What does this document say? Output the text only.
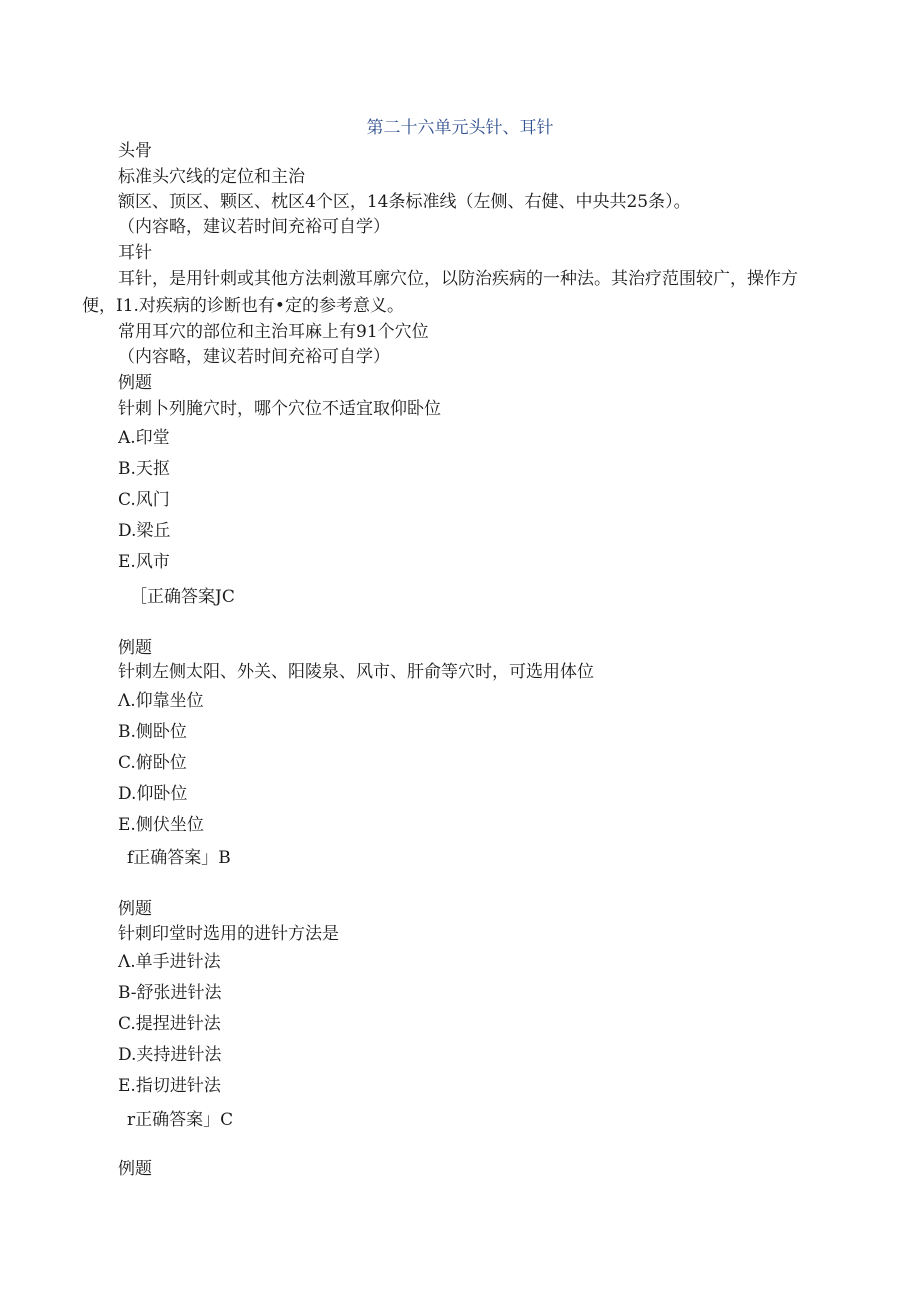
第二十六单元头针、耳针
头骨
标准头穴线的定位和主治
额区、顶区、颗区、枕区4个区，14条标准线（左侧、右健、中央共25条）。
（内容略，建议若时间充裕可自学）
耳针
耳针，是用针刺或其他方法刺激耳廓穴位，以防治疾病的一种法。其治疗范围较广，操作方便，I1.对疾病的诊断也有•定的参考意义。
常用耳穴的部位和主治耳麻上有91个穴位
（内容略，建议若时间充裕可自学）
例题
针刺卜列腌穴时，哪个穴位不适宜取仰卧位
A.印堂
B.天抠
C.风门
D.梁丘
E.风市
［正确答案JC
例题
针刺左侧太阳、外关、阳陵泉、风市、肝俞等穴时，可选用体位
Λ.仰靠坐位
B.侧卧位
C.俯卧位
D.仰卧位
E.侧伏坐位
f正确答案」B
例题
针刺印堂时选用的进针方法是
Λ.单手进针法
B-舒张进针法
C.提捏进针法
D.夹持进针法
E.指切进针法
r正确答案」C
例题
